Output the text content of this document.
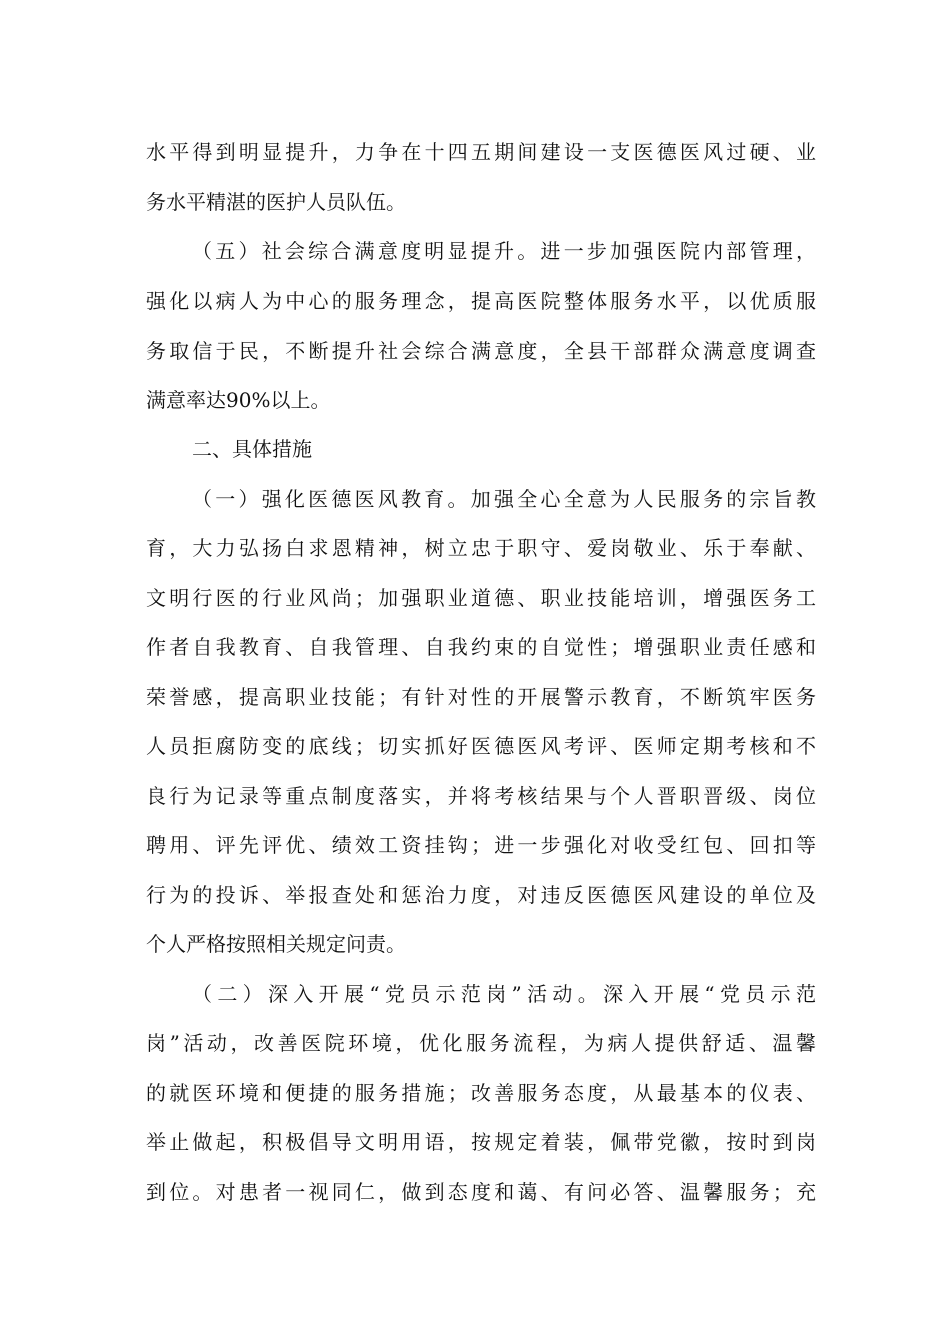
水平得到明显提升，力争在十四五期间建设一支医德医风过硬、业
务水平精湛的医护人员队伍。
（五）社会综合满意度明显提升。进一步加强医院内部管理，
强化以病人为中心的服务理念，提高医院整体服务水平，以优质服
务取信于民，不断提升社会综合满意度，全县干部群众满意度调查
满意率达90%以上。
二、具体措施
（一）强化医德医风教育。加强全心全意为人民服务的宗旨教
育，大力弘扬白求恩精神，树立忠于职守、爱岗敬业、乐于奉献、
文明行医的行业风尚；加强职业道德、职业技能培训，增强医务工
作者自我教育、自我管理、自我约束的自觉性；增强职业责任感和
荣誉感，提高职业技能；有针对性的开展警示教育，不断筑牢医务
人员拒腐防变的底线；切实抓好医德医风考评、医师定期考核和不
良行为记录等重点制度落实，并将考核结果与个人晋职晋级、岗位
聘用、评先评优、绩效工资挂钩；进一步强化对收受红包、回扣等
行为的投诉、举报查处和惩治力度，对违反医德医风建设的单位及
个人严格按照相关规定问责。
（二）深入开展“党员示范岗”活动。深入开展“党员示范
岗”活动，改善医院环境，优化服务流程，为病人提供舒适、温馨
的就医环境和便捷的服务措施；改善服务态度，从最基本的仪表、
举止做起，积极倡导文明用语，按规定着装，佩带党徽，按时到岗
到位。对患者一视同仁，做到态度和蔼、有问必答、温馨服务；充
